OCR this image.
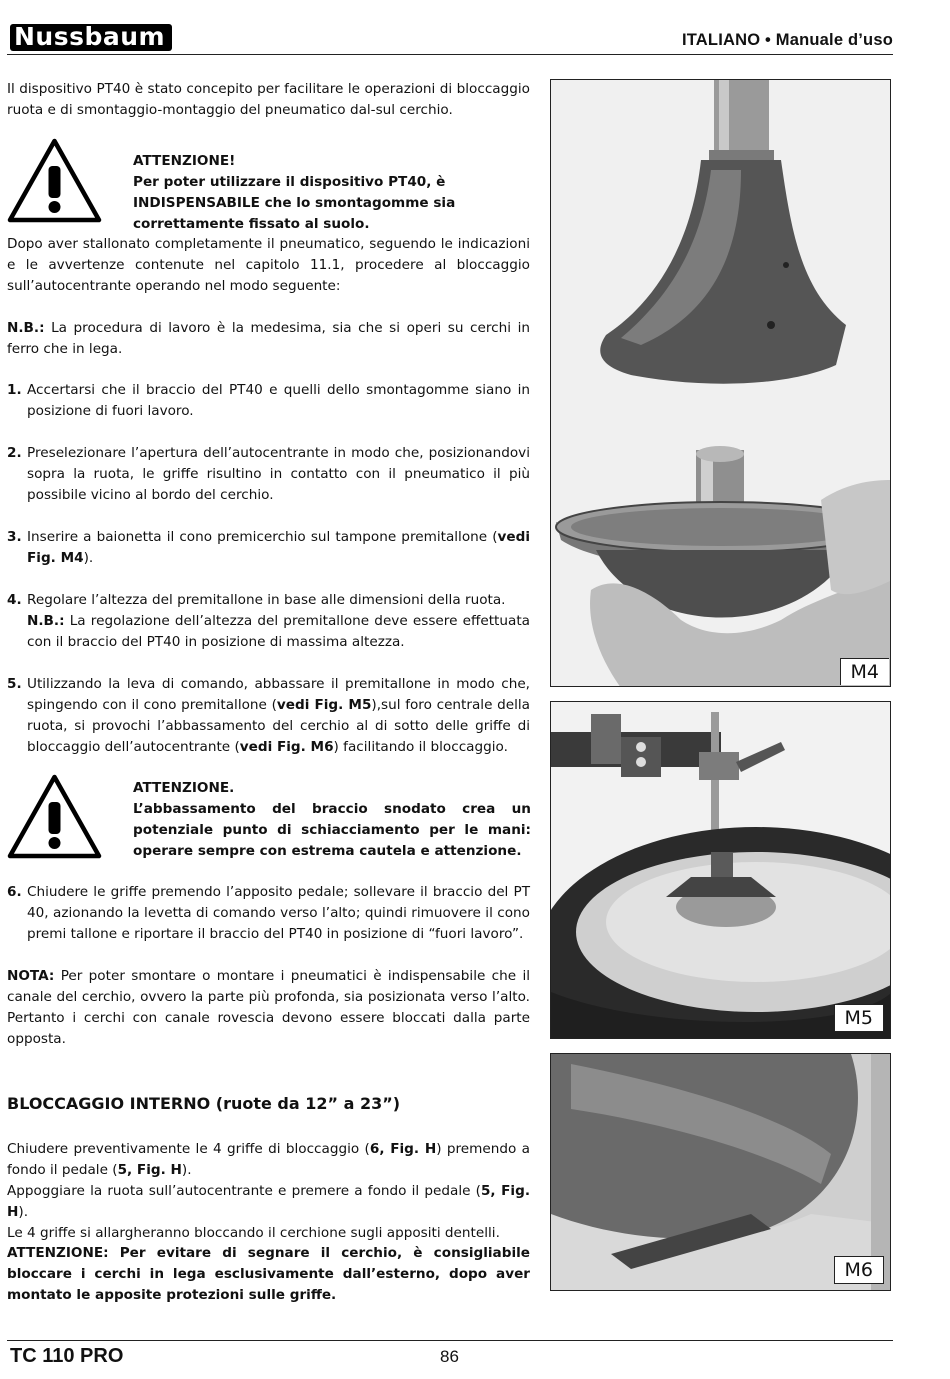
Nussbaum	ITALIANO • Manuale d’uso
Il dispositivo PT40 è stato concepito per facilitare le operazioni di bloccaggio ruota e di smontaggio-montaggio del pneumatico dal-sul cerchio.
ATTENZIONE!
Per poter utilizzare il dispositivo PT40, è INDISPENSABILE che lo smontagomme sia correttamente fissato al suolo.
Dopo aver stallonato completamente il pneumatico, seguendo le indicazioni e le avvertenze contenute nel capitolo 11.1, procedere al bloccaggio sull’autocentrante operando nel modo seguente:
N.B.: La procedura di lavoro è la medesima, sia che si operi su cerchi in ferro che in lega.
1. Accertarsi che il braccio del PT40 e quelli dello smontagomme siano in posizione di fuori lavoro.
2. Preselezionare l’apertura dell’autocentrante in modo che, posizionandovi sopra la ruota, le griffe risultino in contatto con il pneumatico il più possibile vicino al bordo del cerchio.
3. Inserire a baionetta il cono premicerchio sul tampone premitallone (vedi Fig. M4).
4. Regolare l’altezza del premitallone in base alle dimensioni della ruota.
N.B.: La regolazione dell’altezza del premitallone deve essere effettuata con il braccio del PT40 in posizione di massima altezza.
5. Utilizzando la leva di comando, abbassare il premitallone in modo che, spingendo con il cono premitallone (vedi Fig. M5),sul foro centrale della ruota, si provochi l’abbassamento del cerchio al di sotto delle griffe di bloccaggio dell’autocentrante (vedi Fig. M6) facilitando il bloccaggio.
ATTENZIONE.
L’abbassamento del braccio snodato crea un potenziale punto di schiacciamento per le mani: operare sempre con estrema cautela e attenzione.
6. Chiudere le griffe premendo l’apposito pedale; sollevare il braccio del PT 40, azionando la levetta di comando verso l’alto; quindi rimuovere il cono premi tallone e riportare il braccio del PT40 in posizione di “fuori lavoro”.
NOTA: Per poter smontare o montare i pneumatici è indispensabile che il canale del cerchio, ovvero la parte più profonda, sia posizionata verso l’alto. Pertanto i cerchi con canale rovescia devono essere bloccati dalla parte opposta.
BLOCCAGGIO INTERNO (ruote da 12” a 23”)

Chiudere preventivamente le 4 griffe di bloccaggio (6, Fig. H) premendo a fondo il pedale (5, Fig. H).

Appoggiare la ruota sull’autocentrante e premere a fondo il pedale (5, Fig. H).

Le 4 griffe si allargheranno bloccando il cerchione sugli appositi dentelli.

ATTENZIONE: Per evitare di segnare il cerchio, è consigliabile bloccare i cerchi in lega esclusivamente dall’esterno, dopo aver montato le apposite protezioni sulle griffe.
M4
M5
M6
TC 110 PRO	86
